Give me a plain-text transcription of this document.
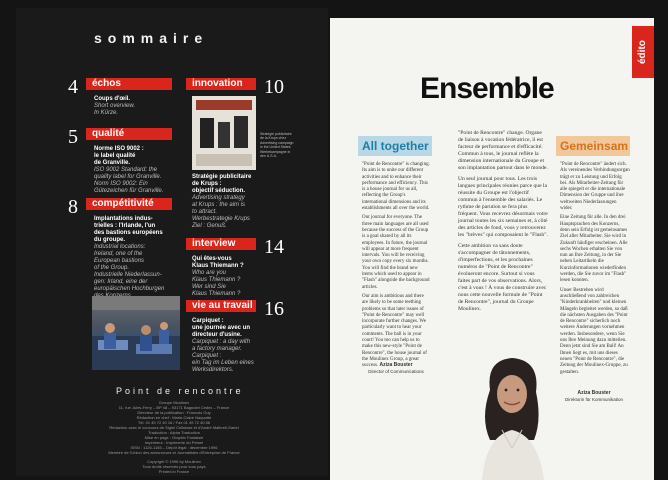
sommaire
4	échos
Coups d'œil.
Short overview.
In Kürze.
5	qualité
Norme ISO 9002 :
le label qualité
de Granville.
ISO 9002 Standard: the
quality label for Granville.
Norm ISO 9002: Ein
Gütezeichen für Granville.
8	compétitivité
Implantations indus-
trielles : l'Irlande, l'un
des bastions européens
du groupe.
Industrial locations:
Ireland, one of the
European bastions
of the Group.
Industrielle Niederlassun-
gen: Irland, eine der
europäischen Hochburgen

innovation	10
Stratégie publicitaire
de la Krups chez
Advertising campaign
in the United States
Werbekampagne in
den U.S.A.
Stratégie publicitaire
de Krups :
objectif séduction.
Advertising strategy
at Krups : the aim is
to attract.
Werbestrategie Krups
Ziel : Genuß.
interview	14
Qui êtes-vous
Klaus Thiemann ?
Who are you
Klaus Thiemann ?
Wer sind Sie
Klaus Thiemann ?
vie au travail 16
Carpiquet :
une journée avec un
directeur d'usine.
Carpiquet : a day with
a factory manager.
Carpiquet :
ein Tag im Leben eines
Werksdirektors.
Point de rencontre
Groupe Moulinex
11, rue Jules-Ferry – BP 48 – 93171 Bagnolet Cedex – France
Directeur de la publication : Francois Guy
Rédaction en chef : Marie-Claire Naquotte
Tél. 01 49 72 40 16 / Fax 01 49 72 40 56
Rédaction avec le concours de Sigiel Cellulose et d'André Malbreil-Sartel
Traduction : Alpha Traduction
Mise en page : Graphic Fantaisie
Imprimeur : Imprimerie du Persel
ISSN : 1126-1165 – Dépôt légal : décembre 1996
Membre de l'Union des annonceurs et Journalistes d'Entreprise de France
Copyright © 1996 by Moulinex
Tous droits réservés pour tous pays
Printed in France
édito
Ensemble
All together

"Point de Rencontre" is changing. Its aim is to unite our different activities and to enhance their performance and efficiency. This is a house journal for us all, reflecting the Group's international dimensions and its establishments all over the world.

Our journal for everyone. The three main languages are all used because the success of the Group is a goal shared by all its employees. In future, the journal will appear at more frequent intervals. You will be receiving your own copy every six months. You will find the brand new items which used to appear in "Flash" alongside the background articles.

Our aim is ambitious and there are likely to be some teething problems so that later issues of "Point de Rencontre" may well incorporate further changes. We particularly want to hear your comments. The ball is in your court! You too can help us to make this new-style "Point de Rencontre", the house journal of the Moulinex Group, a great success. Aziza Bouster
Director of Communications

"Point de Rencontre" change. Organe de liaison à vocation fédératrice, il est facteur de performance et d'efficacité. Commun à tous, le journal reflète la dimension internationale du Groupe et son implantation partout dans le monde.

Un seul journal pour tous. Les trois langues principales réunies parce que la réussite du Groupe est l'objectif commun à l'ensemble des salariés. Le rythme de parution se fera plus fréquent. Vous recevrez désormais votre journal toutes les six semaines et, à côté des articles de fond, vous y retrouverez les "brèves" qui composaient le "Flash".

Cette ambition va sans doute s'accompagner de tâtonnements, d'imperfections, et les prochaines numéros de "Point de Rencontre" évolueront encore. Surtout si vous faites part de vos observations. Alors, c'est à vous ! À vous de construire avec nous cette nouvelle formule de "Point de Rencontre", journal du Groupe Moulinex.

Gemeinsam

"Point de Rencontre" ändert sich. Als vereinendes Verbindungsorgan trägt er zu Leistung und Erfolg bei. Als Mitarbeiter-Zeitung für alle spiegelt er die internationale Dimension der Gruppe und ihre weltweiten Niederlassungen wider.

Eine Zeitung für alle. In den drei Hauptsprachen des Konzerns, denn sein Erfolg ist gemeinsames Ziel aller Mitarbeiter. Sie wird in Zukunft häufiger erscheinen. Alle sechs Wochen erhalten Sie von nun an Ihre Zeitung, in der Sie neben Leitartikeln die Kurzinformationen wiederfinden werden, die Sie zuvor im "Flash" lesen konnten.

Unser Bestreben wird anschließend von zahlreichen "Kinderkrankheiten" und kleinen Mängeln begleitet werden, so daß die nächsten Ausgaben des "Point de Rencontre" sicherlich noch weitere Änderungen vornehmen werden. Insbesondere, wenn Sie uns Ihre Meinung dazu mitteilen. Denn jetzt sind Sie am Ball! An Ihnen liegt es, mit uns dieses neuen "Point de Rencontre", die Zeitung der Moulinex-Gruppe, zu gestalten.

Aziza Bouster
Direktorin für Kommunikation
